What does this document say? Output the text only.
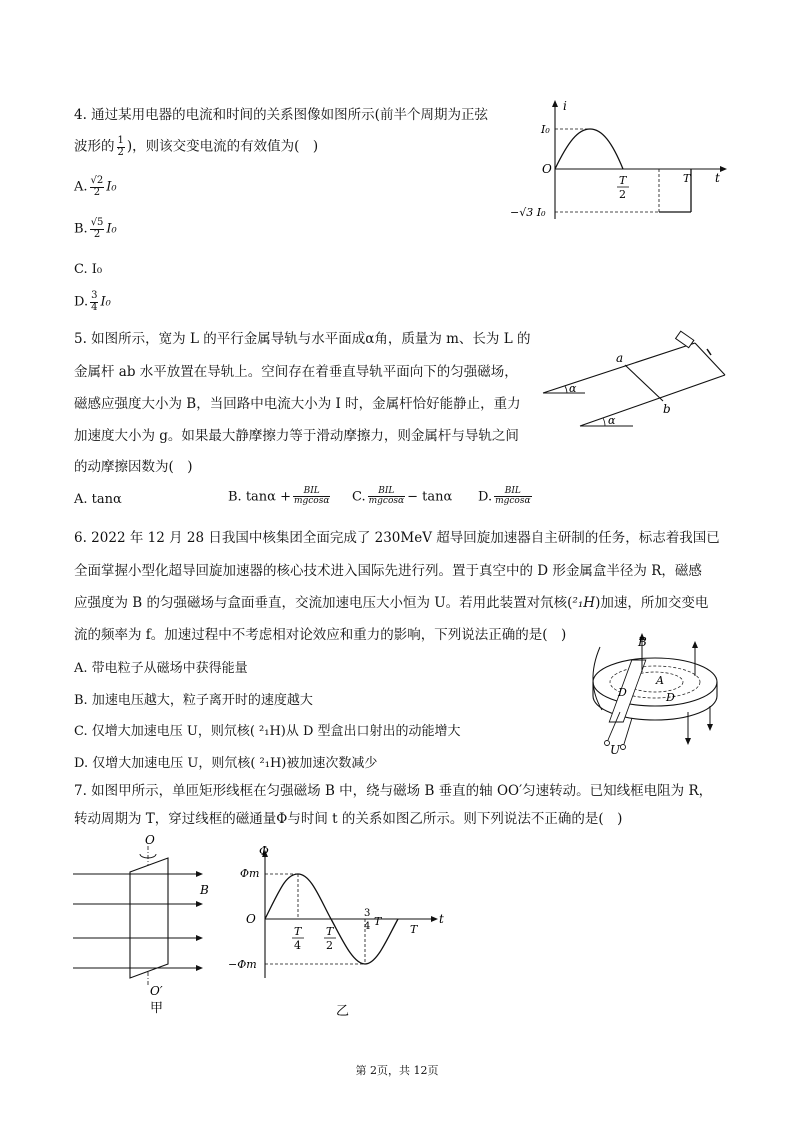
4. 通过某用电器的电流和时间的关系图像如图所示(前半个周期为正弦
波形的 $\frac{1}{2}$ )，则该交变电流的有效值为(　)
A. $\frac{√2}{2} I_0$
B. $\frac{√5}{2} I_0$
C. I₀
D. $\frac{3}{4} I_0$
i
t
O
I₀
−√3 I₀
T
2
T
5. 如图所示，宽为 L 的平行金属导轨与水平面成α角，质量为 m、长为 L 的
金属杆 ab 水平放置在导轨上。空间存在着垂直导轨平面向下的匀强磁场，
磁感应强度大小为 B，当回路中电流大小为 I 时，金属杆恰好能静止，重力
加速度大小为 g。如果最大静摩擦力等于滑动摩擦力，则金属杆与导轨之间
的动摩擦因数为(　)
A. tanα	B. $\tan\alpha + \frac{\text{BIL}}{mgcos\alpha} C$. $\frac{\text{BIL}}{mgcos\alpha} - \tan\alpha$ D. $\frac{\text{BIL}}{mgcos\alpha}$
a
b
α
α
6. 2022 年 12 月 28 日我国中核集团全面完成了 230MeV 超导回旋加速器自主研制的任务，标志着我国已
全面掌握小型化超导回旋加速器的核心技术进入国际先进行列。置于真空中的 D 形金属盒半径为 R，磁感
应强度为 B 的匀强磁场与盒面垂直，交流加速电压大小恒为 U。若用此装置对氘核(²₁H)加速，所加交变电
流的频率为 f。加速过程中不考虑相对论效应和重力的影响，下列说法正确的是(　)
A. 带电粒子从磁场中获得能量
B. 加速电压越大，粒子离开时的速度越大
C. 仅增大加速电压 U，则氘核( ²₁H)从 D 型盒出口射出的动能增大
D. 仅增大加速电压 U，则氘核( ²₁H)被加速次数减少
B
A
D	D
U
7. 如图甲所示，单匝矩形线框在匀强磁场 B 中，绕与磁场 B 垂直的轴 OO′匀速转动。已知线框电阻为 R，
转动周期为 T，穿过线框的磁通量Φ与时间 t 的关系如图乙所示。则下列说法不正确的是(　)
O
O′
B
甲
Φ
t
O
Φm
−Φm
T
4
T
2
3
4 T
T
乙
第 2页，共 12页
